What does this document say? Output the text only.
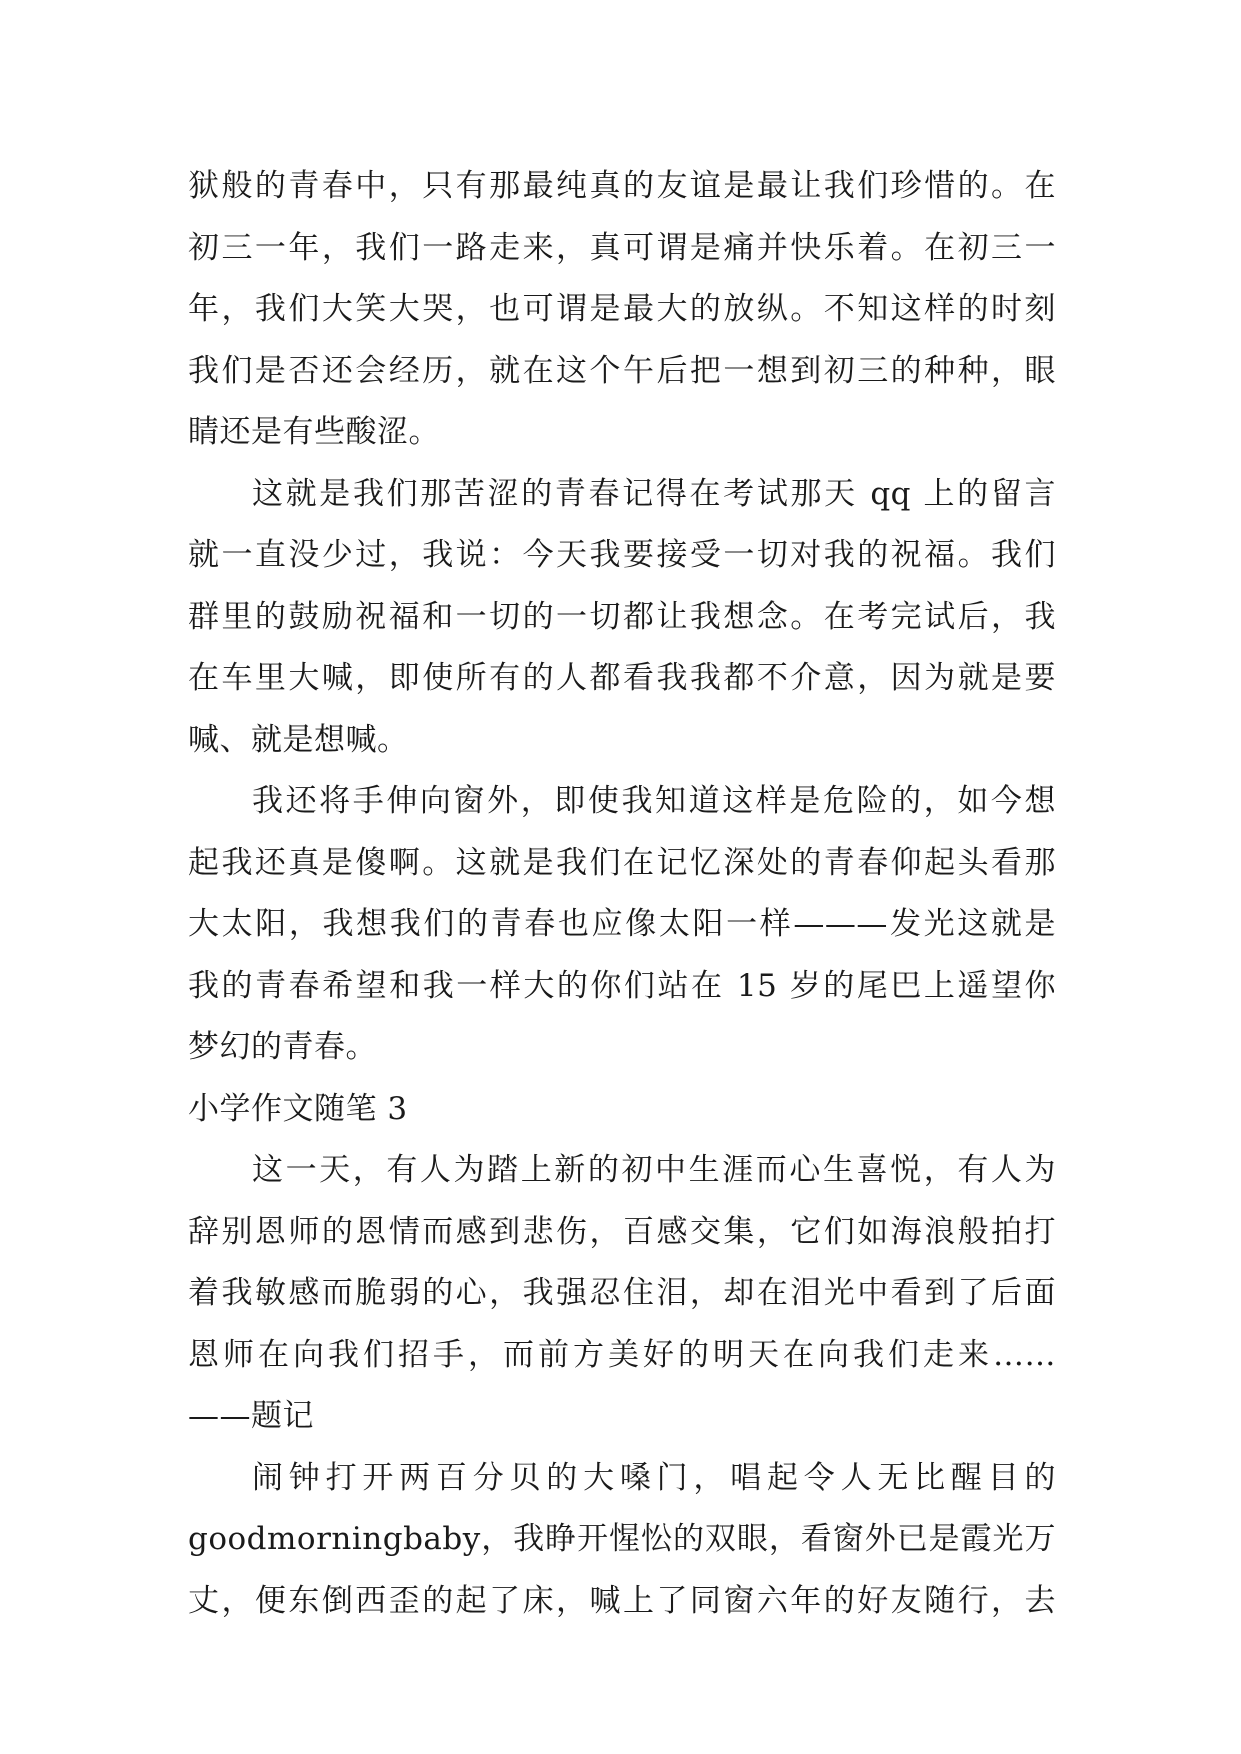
狱般的青春中，只有那最纯真的友谊是最让我们珍惜的。在
初三一年，我们一路走来，真可谓是痛并快乐着。在初三一
年，我们大笑大哭，也可谓是最大的放纵。不知这样的时刻
我们是否还会经历，就在这个午后把一想到初三的种种，眼
睛还是有些酸涩。
这就是我们那苦涩的青春记得在考试那天 qq 上的留言
就一直没少过，我说：今天我要接受一切对我的祝福。我们
群里的鼓励祝福和一切的一切都让我想念。在考完试后，我
在车里大喊，即使所有的人都看我我都不介意，因为就是要
喊、就是想喊。
我还将手伸向窗外，即使我知道这样是危险的，如今想
起我还真是傻啊。这就是我们在记忆深处的青春仰起头看那
大太阳，我想我们的青春也应像太阳一样———发光这就是
我的青春希望和我一样大的你们站在 15 岁的尾巴上遥望你
梦幻的青春。
小学作文随笔 3
这一天，有人为踏上新的初中生涯而心生喜悦，有人为
辞别恩师的恩情而感到悲伤，百感交集，它们如海浪般拍打
着我敏感而脆弱的心，我强忍住泪，却在泪光中看到了后面
恩师在向我们招手，而前方美好的明天在向我们走来……
——题记
闹钟打开两百分贝的大嗓门，唱起令人无比醒目的
goodmorningbaby，我睁开惺忪的双眼，看窗外已是霞光万
丈，便东倒西歪的起了床，喊上了同窗六年的好友随行，去
